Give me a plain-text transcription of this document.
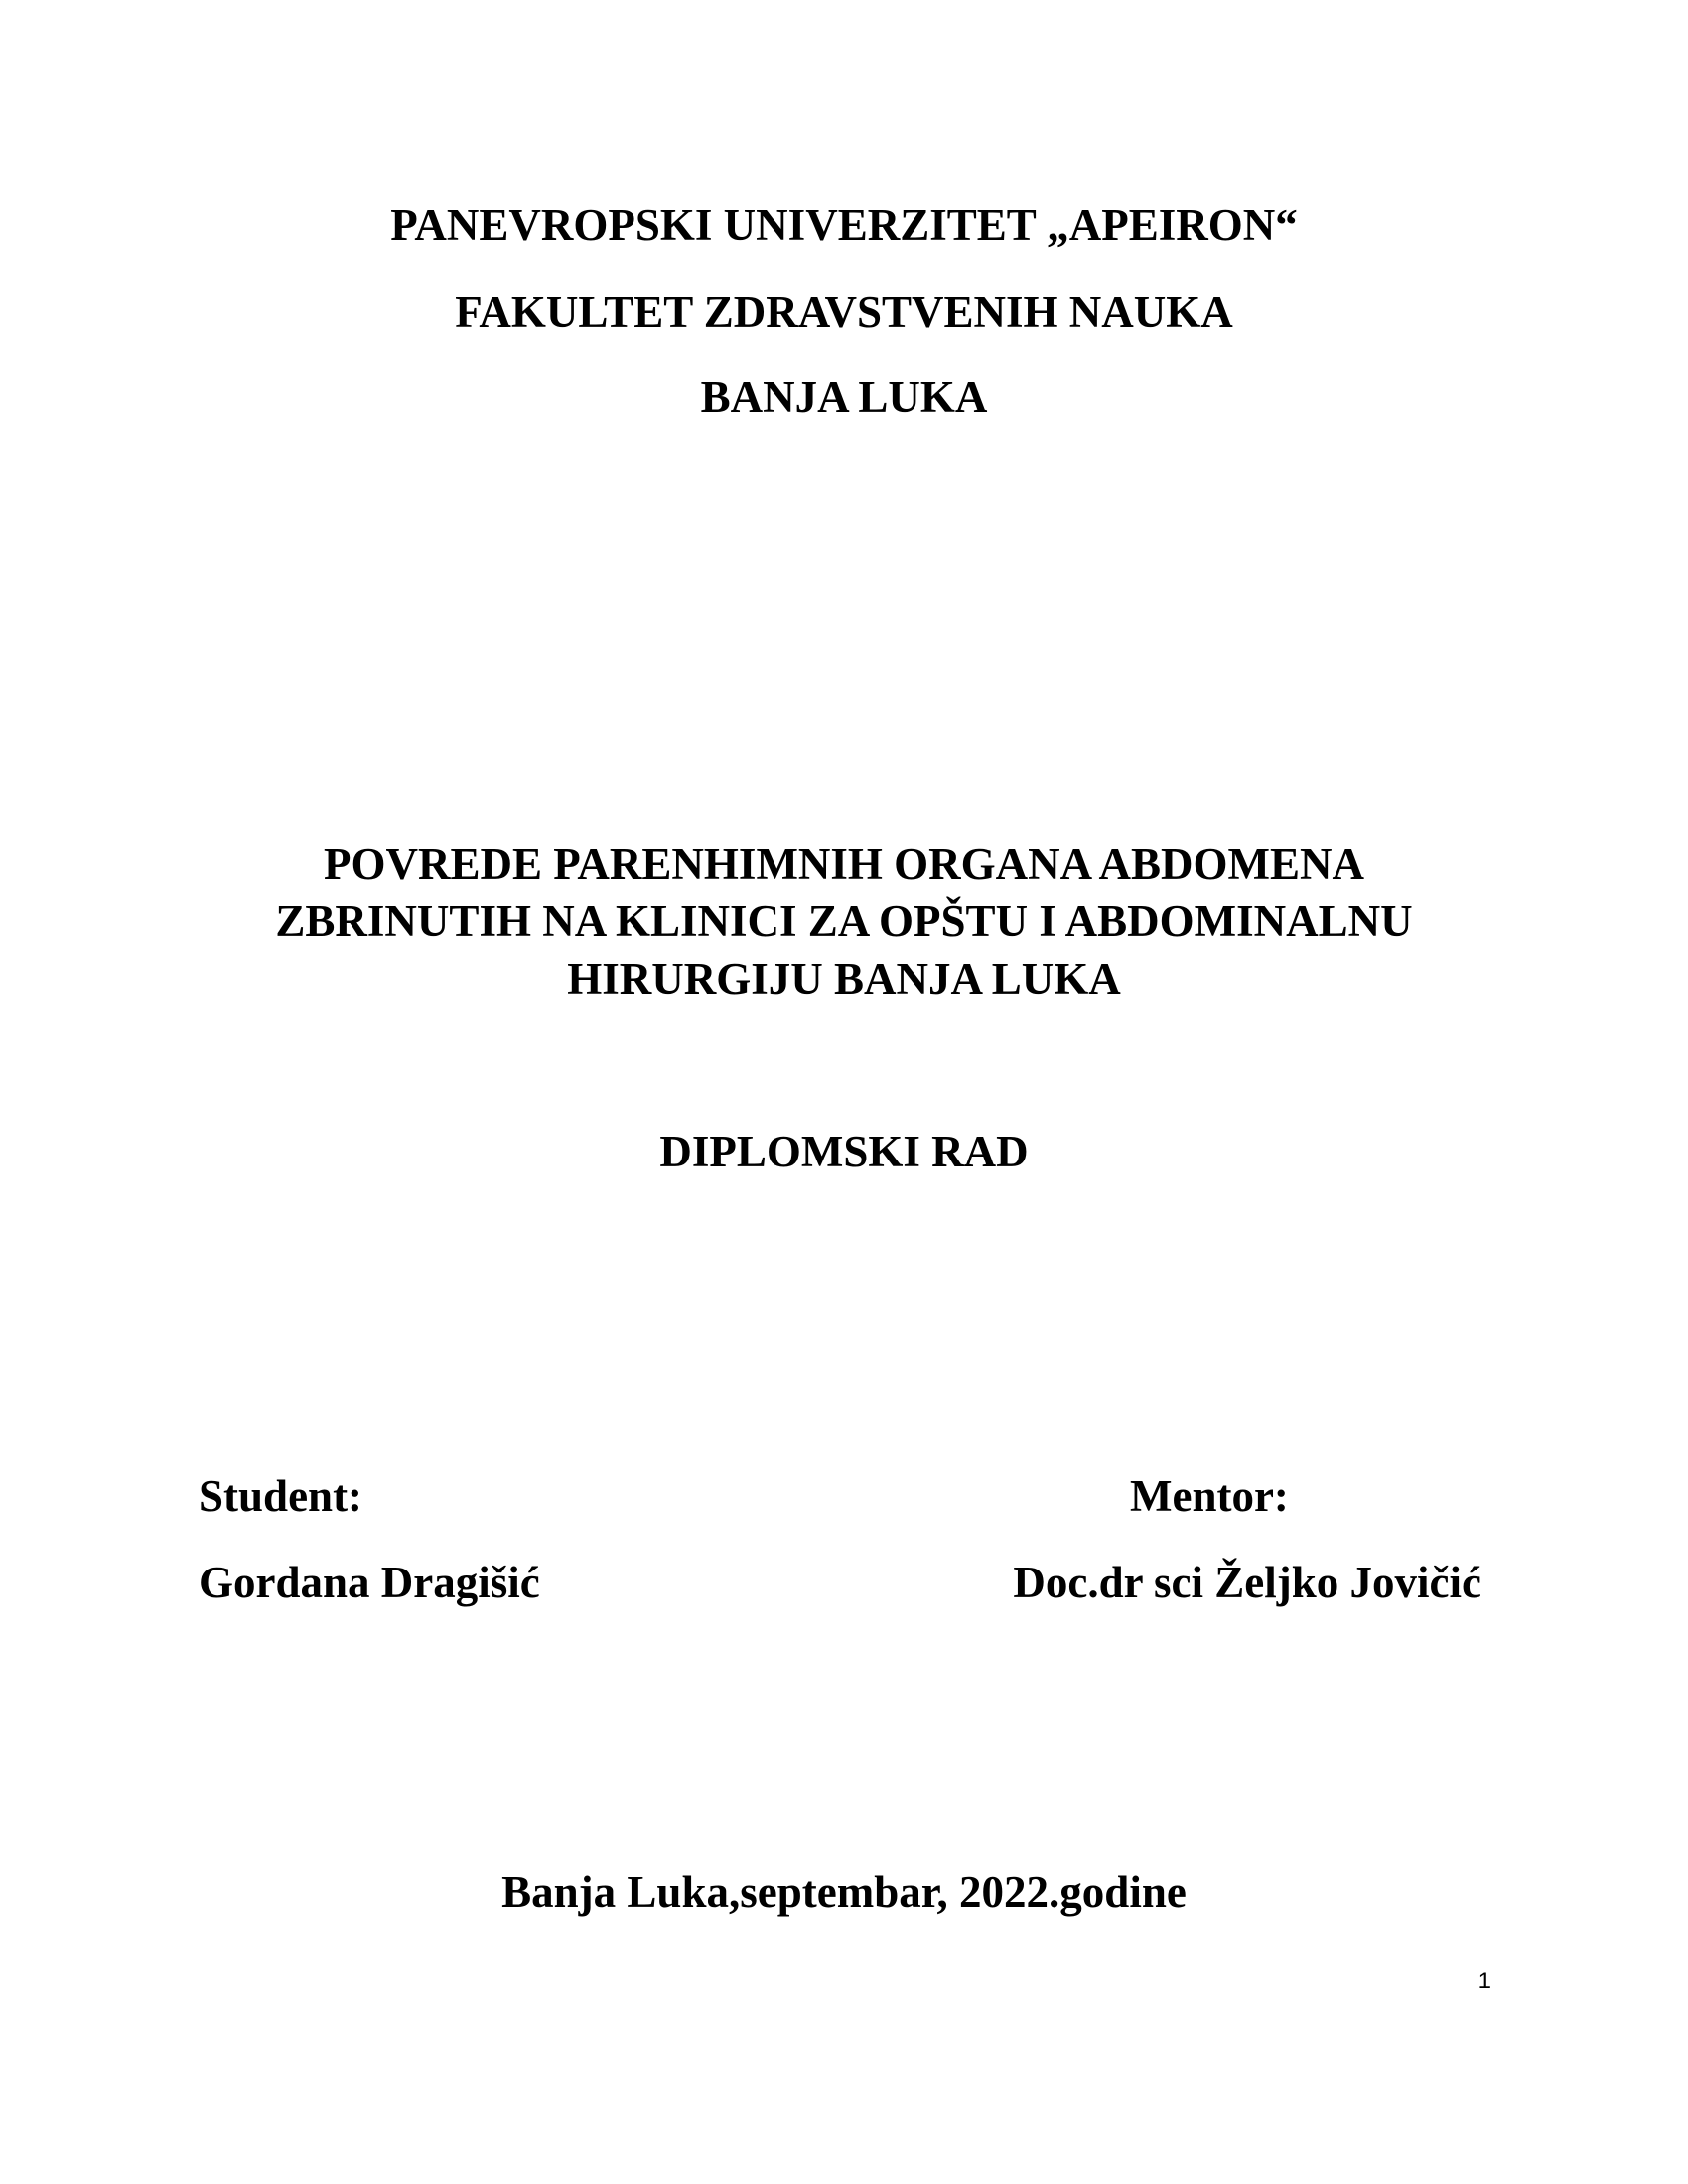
PANEVROPSKI UNIVERZITET „APEIRON“
FAKULTET ZDRAVSTVENIH NAUKA
BANJA LUKA
POVREDE PARENHIMNIH ORGANA ABDOMENA
ZBRINUTIH NA KLINICI ZA OPŠTU I ABDOMINALNU
HIRURGIJU BANJA LUKA
DIPLOMSKI RAD
Student:	Mentor:
Gordana Dragišić	Doc.dr sci Željko Jovičić
Banja Luka,septembar, 2022.godine
1
